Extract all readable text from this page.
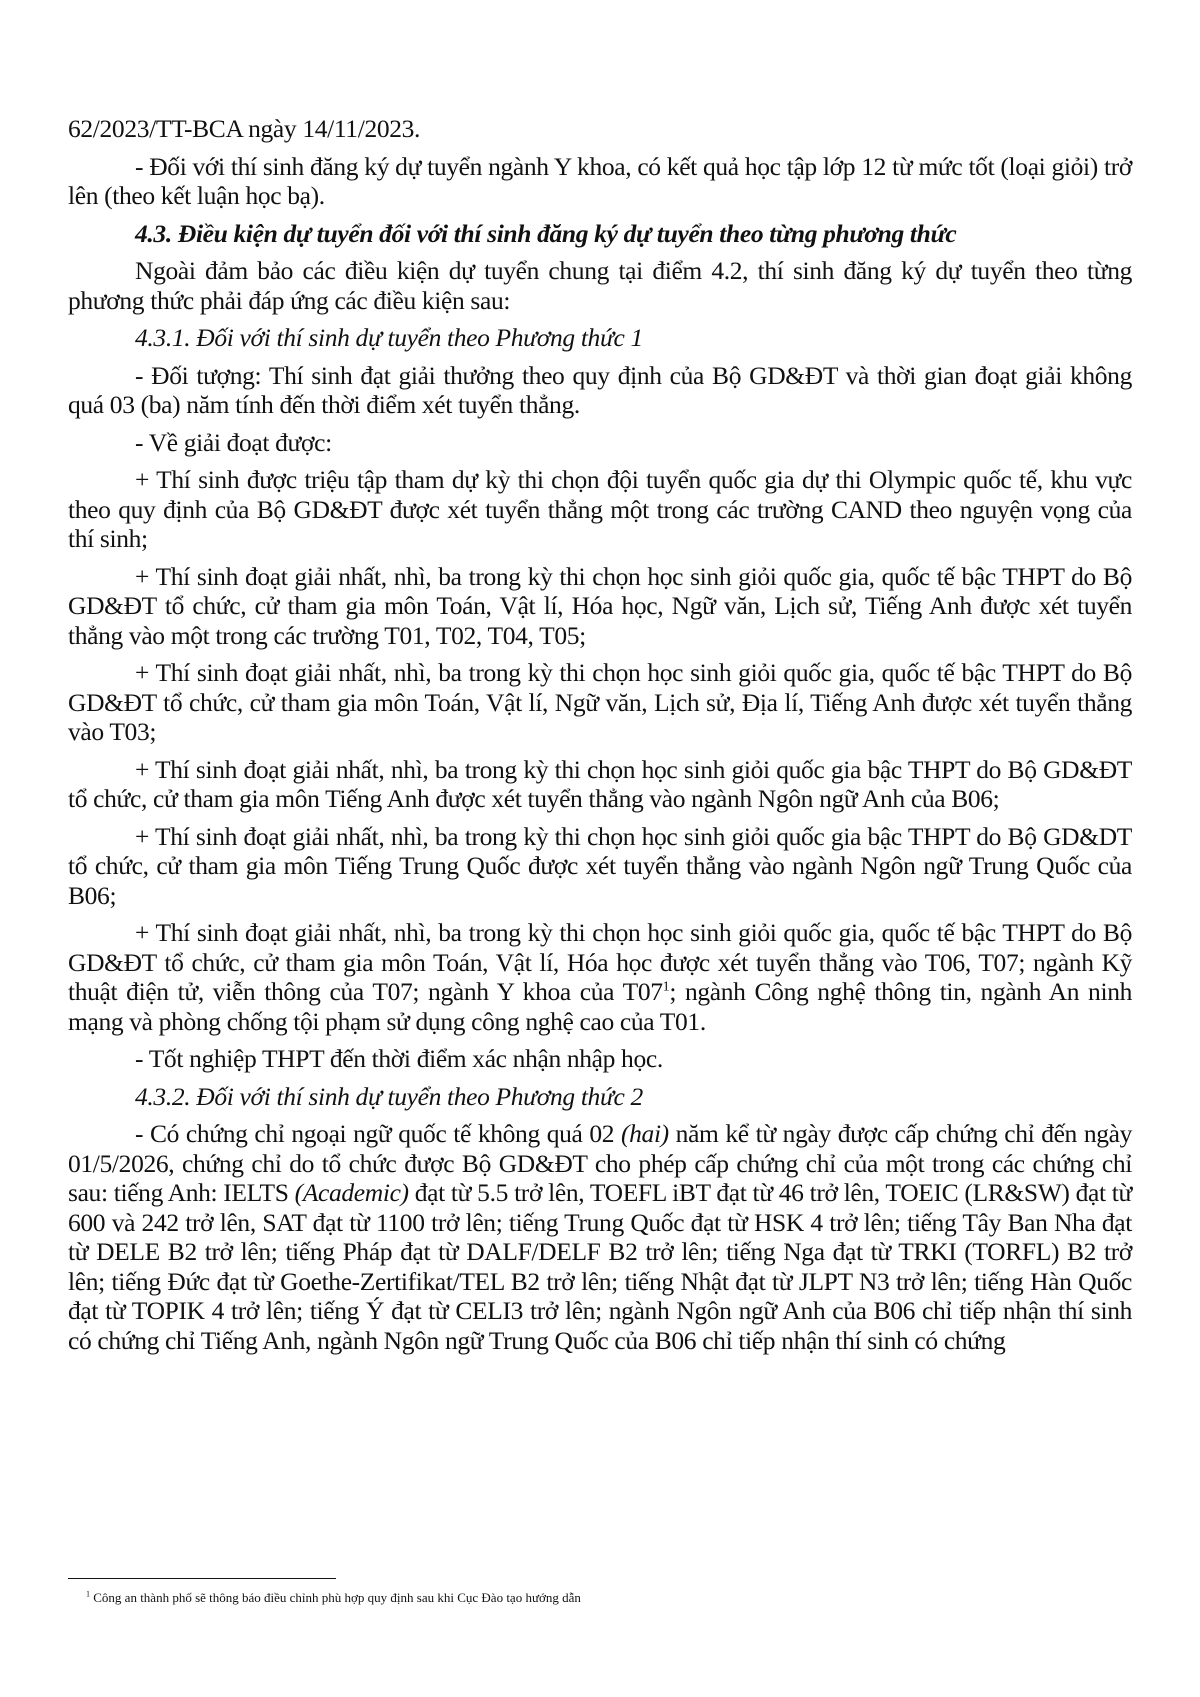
62/2023/TT-BCA ngày 14/11/2023.

- Đối với thí sinh đăng ký dự tuyển ngành Y khoa, có kết quả học tập lớp 12 từ mức tốt (loại giỏi) trở lên (theo kết luận học bạ).

4.3. Điều kiện dự tuyển đối với thí sinh đăng ký dự tuyển theo từng phương thức

Ngoài đảm bảo các điều kiện dự tuyển chung tại điểm 4.2, thí sinh đăng ký dự tuyển theo từng phương thức phải đáp ứng các điều kiện sau:

4.3.1. Đối với thí sinh dự tuyển theo Phương thức 1

- Đối tượng: Thí sinh đạt giải thưởng theo quy định của Bộ GD&ĐT và thời gian đoạt giải không quá 03 (ba) năm tính đến thời điểm xét tuyển thẳng.

- Về giải đoạt được:

+ Thí sinh được triệu tập tham dự kỳ thi chọn đội tuyển quốc gia dự thi Olympic quốc tế, khu vực theo quy định của Bộ GD&ĐT được xét tuyển thẳng một trong các trường CAND theo nguyện vọng của thí sinh;

+ Thí sinh đoạt giải nhất, nhì, ba trong kỳ thi chọn học sinh giỏi quốc gia, quốc tế bậc THPT do Bộ GD&ĐT tổ chức, cử tham gia môn Toán, Vật lí, Hóa học, Ngữ văn, Lịch sử, Tiếng Anh được xét tuyển thẳng vào một trong các trường T01, T02, T04, T05;

+ Thí sinh đoạt giải nhất, nhì, ba trong kỳ thi chọn học sinh giỏi quốc gia, quốc tế bậc THPT do Bộ GD&ĐT tổ chức, cử tham gia môn Toán, Vật lí, Ngữ văn, Lịch sử, Địa lí, Tiếng Anh được xét tuyển thẳng vào T03;

+ Thí sinh đoạt giải nhất, nhì, ba trong kỳ thi chọn học sinh giỏi quốc gia bậc THPT do Bộ GD&ĐT tổ chức, cử tham gia môn Tiếng Anh được xét tuyển thẳng vào ngành Ngôn ngữ Anh của B06;

+ Thí sinh đoạt giải nhất, nhì, ba trong kỳ thi chọn học sinh giỏi quốc gia bậc THPT do Bộ GD&DT tổ chức, cử tham gia môn Tiếng Trung Quốc được xét tuyển thẳng vào ngành Ngôn ngữ Trung Quốc của B06;

+ Thí sinh đoạt giải nhất, nhì, ba trong kỳ thi chọn học sinh giỏi quốc gia, quốc tế bậc THPT do Bộ GD&ĐT tổ chức, cử tham gia môn Toán, Vật lí, Hóa học được xét tuyển thẳng vào T06, T07; ngành Kỹ thuật điện tử, viễn thông của T07; ngành Y khoa của $T07^1$; ngành Công nghệ thông tin, ngành An ninh mạng và phòng chống tội phạm sử dụng công nghệ cao của T01.

- Tốt nghiệp THPT đến thời điểm xác nhận nhập học.

4.3.2. Đối với thí sinh dự tuyển theo Phương thức 2

- Có chứng chỉ ngoại ngữ quốc tế không quá 02 (hai) năm kể từ ngày được cấp chứng chỉ đến ngày 01/5/2026, chứng chỉ do tổ chức được Bộ GD&ĐT cho phép cấp chứng chỉ của một trong các chứng chỉ sau: tiếng Anh: IELTS (Academic) đạt từ 5.5 trở lên, TOEFL iBT đạt từ 46 trở lên, TOEIC (LR&SW) đạt từ 600 và 242 trở lên, SAT đạt từ 1100 trở lên; tiếng Trung Quốc đạt từ HSK 4 trở lên; tiếng Tây Ban Nha đạt từ DELE B2 trở lên; tiếng Pháp đạt từ DALF/DELF B2 trở lên; tiếng Nga đạt từ TRKI (TORFL) B2 trở lên; tiếng Đức đạt từ Goethe-Zertifikat/TEL B2 trở lên; tiếng Nhật đạt từ JLPT N3 trở lên; tiếng Hàn Quốc đạt từ TOPIK 4 trở lên; tiếng Ý đạt từ CELI3 trở lên; ngành Ngôn ngữ Anh của B06 chỉ tiếp nhận thí sinh có chứng chỉ Tiếng Anh, ngành Ngôn ngữ Trung Quốc của B06 chỉ tiếp nhận thí sinh có chứng

$^1$ Công an thành phố sẽ thông báo điều chỉnh phù hợp quy định sau khi Cục Đào tạo hướng dẫn
